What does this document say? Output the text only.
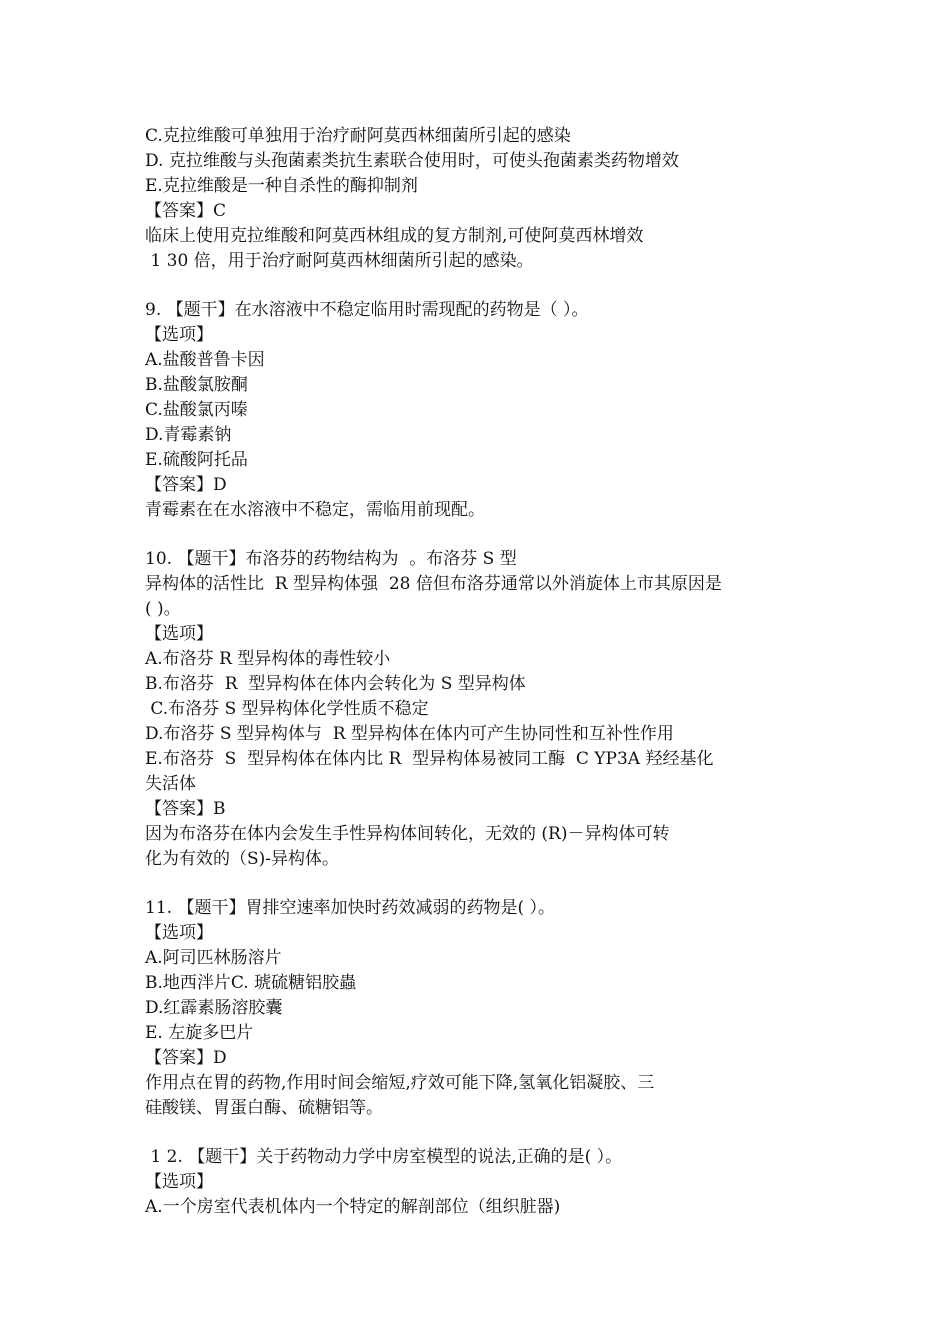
C.克拉维酸可单独用于治疗耐阿莫西林细菌所引起的感染
D. 克拉维酸与头孢菌素类抗生素联合使用时，可使头孢菌素类药物增效
E.克拉维酸是一种自杀性的酶抑制剂
【答案】C
临床上使用克拉维酸和阿莫西林组成的复方制剂,可使阿莫西林增效
1 30 倍，用于治疗耐阿莫西林细菌所引起的感染。
9. 【题干】在水溶液中不稳定临用时需现配的药物是（ ）。
【选项】
A.盐酸普鲁卡因
B.盐酸氯胺酮
C.盐酸氯丙嗪
D.青霉素钠
E.硫酸阿托品
【答案】D
青霉素在在水溶液中不稳定，需临用前现配。
10. 【题干】布洛芬的药物结构为  。布洛芬 S 型
异构体的活性比  R 型异构体强  28 倍但布洛芬通常以外消旋体上市其原因是
( )。
【选项】
A.布洛芬 R 型异构体的毒性较小
B.布洛芬  R  型异构体在体内会转化为 S 型异构体
C.布洛芬 S 型异构体化学性质不稳定
D.布洛芬 S 型异构体与  R 型异构体在体内可产生协同性和互补性作用
E.布洛芬  S  型异构体在体内比 R  型异构体易被同工酶  C YP3A 羟经基化
失活体
【答案】B
因为布洛芬在体内会发生手性异构体间转化，无效的 (R)－异构体可转
化为有效的（S)-异构体。
11. 【题干】胃排空速率加快时药效减弱的药物是( ）。
【选项】
A.阿司匹林肠溶片
B.地西泮片C. 琥硫糖铝胶蟲
D.红霹素肠溶胶囊
E. 左旋多巴片
【答案】D
作用点在胃的药物,作用时间会缩短,疗效可能下降,氢氧化铝凝胶、三
硅酸镁、胃蛋白酶、硫糖铝等。
1 2. 【题干】关于药物动力学中房室模型的说法,正确的是( ）。
【选项】
A.一个房室代表机体内一个特定的解剖部位（组织脏器)
